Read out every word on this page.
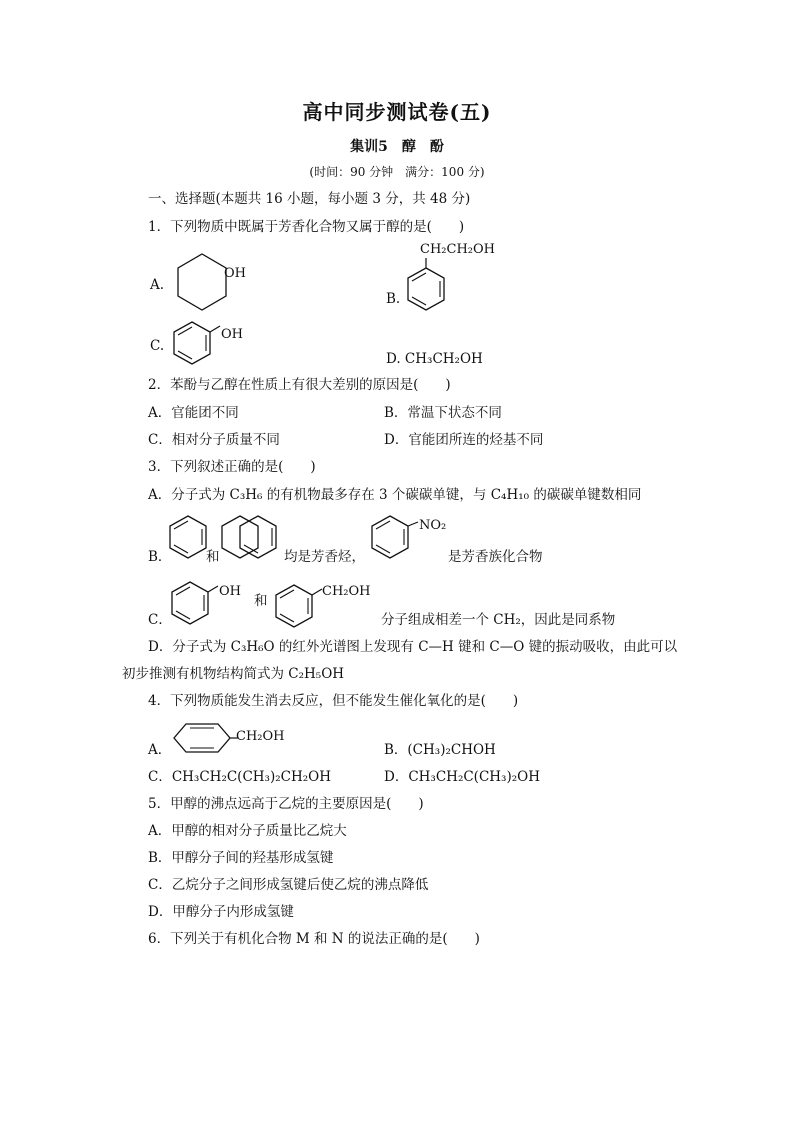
高中同步测试卷(五)
集训5　醇　酚
(时间：90 分钟　满分：100 分)
一、选择题(本题共 16 小题，每小题 3 分，共 48 分)
1．下列物质中既属于芳香化合物又属于醇的是(　　)
A.
OH
B.
CH₂CH₂OH
C.
OH
D. CH₃CH₂OH
2．苯酚与乙醇在性质上有很大差别的原因是(　　)
A．官能团不同	B．常温下状态不同
C．相对分子质量不同	D．官能团所连的烃基不同
3．下列叙述正确的是(　　)
A．分子式为 C₃H₆ 的有机物最多存在 3 个碳碳单键，与 C₄H₁₀ 的碳碳单键数相同
B．	和	均是芳香烃，
NO₂
是芳香族化合物
C．
OH
和
CH₂OH
分子组成相差一个 CH₂，因此是同系物
D．分子式为 C₃H₆O 的红外光谱图上发现有 C—H 键和 C—O 键的振动吸收，由此可以
初步推测有机物结构简式为 C₂H₅OH
4．下列物质能发生消去反应，但不能发生催化氧化的是(　　)
A．
CH₂OH
B．(CH₃)₂CHOH
C．CH₃CH₂C(CH₃)₂CH₂OH	D．CH₃CH₂C(CH₃)₂OH
5．甲醇的沸点远高于乙烷的主要原因是(　　)
A．甲醇的相对分子质量比乙烷大
B．甲醇分子间的羟基形成氢键
C．乙烷分子之间形成氢键后使乙烷的沸点降低
D．甲醇分子内形成氢键
6．下列关于有机化合物 M 和 N 的说法正确的是(　　)
